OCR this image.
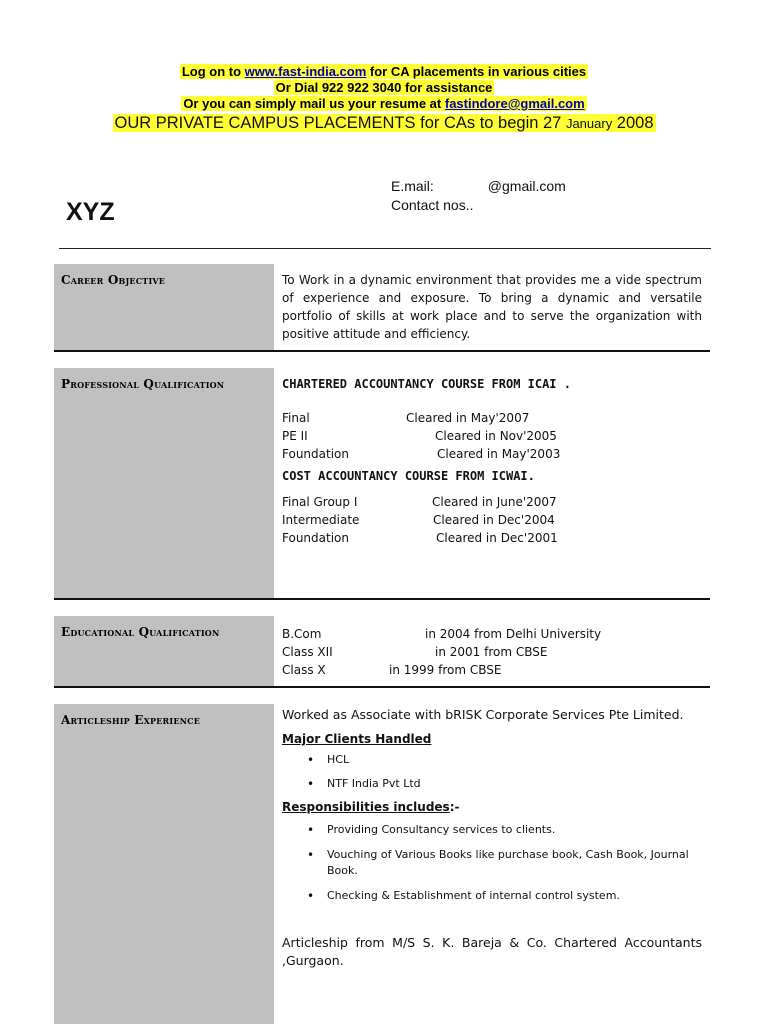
Log on to www.fast-india.com for CA placements in various cities
Or Dial 922 922 3040 for assistance
Or you can simply mail us your resume at fastindore@gmail.com
OUR PRIVATE CAMPUS PLACEMENTS for CAs to begin 27 January 2008
XYZ
E.mail:	@gmail.com
Contact nos..
Career Objective	To Work in a dynamic environment that provides me a vide spectrum of experience and exposure. To bring a dynamic and versatile portfolio of skills at work place and to serve the organization with positive attitude and efficiency.
Professional Qualification	CHARTERED ACCOUNTANCY COURSE FROM ICAI .
Final	Cleared in May'2007
PE II	Cleared in Nov'2005
Foundation	Cleared in May'2003
COST ACCOUNTANCY COURSE FROM ICWAI.
Final Group I	Cleared in June'2007
Intermediate	Cleared in Dec'2004
Foundation	Cleared in Dec'2001
Educational Qualification	B.Com	in 2004 from Delhi University
Class XII	in 2001 from CBSE
Class X	in 1999 from CBSE
Articleship Experience	Worked as Associate with bRISK Corporate Services Pte Limited.
Major Clients Handled
• HCL
• NTF India Pvt Ltd
Responsibilities includes:-
• Providing Consultancy services to clients.
• Vouching of Various Books like purchase book, Cash Book, Journal Book.
• Checking & Establishment of internal control system.
Articleship from M/S S. K. Bareja & Co. Chartered Accountants ,Gurgaon.
